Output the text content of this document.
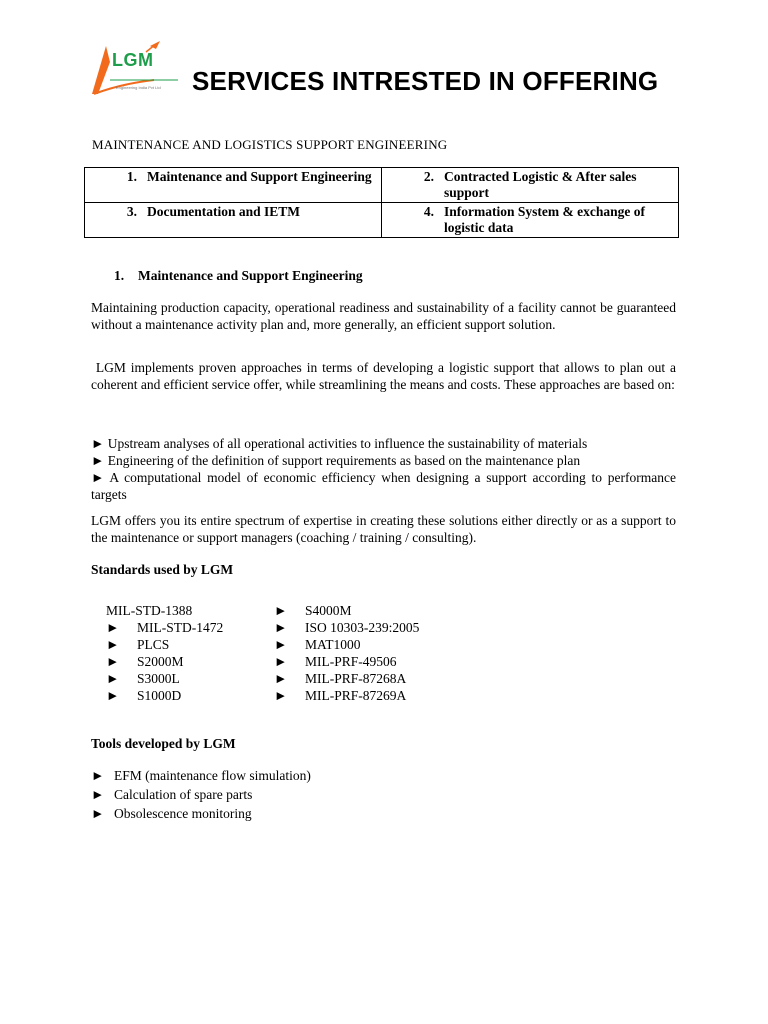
LGM
Engineering India Pvt Ltd SERVICES INTRESTED IN OFFERING
MAINTENANCE AND LOGISTICS SUPPORT ENGINEERING
1. Maintenance and Support Engineering	2. Contracted Logistic & After sales support

3. Documentation and IETM	4. Information System & exchange of logistic data
1. Maintenance and Support Engineering

Maintaining production capacity, operational readiness and sustainability of a facility cannot be guaranteed without a maintenance activity plan and, more generally, an efficient support solution.

LGM implements proven approaches in terms of developing a logistic support that allows to plan out a coherent and efficient service offer, while streamlining the means and costs. These approaches are based on:

► Upstream analyses of all operational activities to influence the sustainability of materials
► Engineering of the definition of support requirements as based on the maintenance plan
► A computational model of economic efficiency when designing a support according to performance targets

LGM offers you its entire spectrum of expertise in creating these solutions either directly or as a support to the maintenance or support managers (coaching / training / consulting).

Standards used by LGM
MIL-STD-1388
►	MIL-STD-1472
►	PLCS
►	S2000M
►	S3000L
►	S1000D
►	S4000M
►	ISO 10303-239:2005
►	MAT1000
►	MIL-PRF-49506
►	MIL-PRF-87268A
►	MIL-PRF-87269A
Tools developed by LGM
► EFM (maintenance flow simulation)
► Calculation of spare parts
► Obsolescence monitoring
